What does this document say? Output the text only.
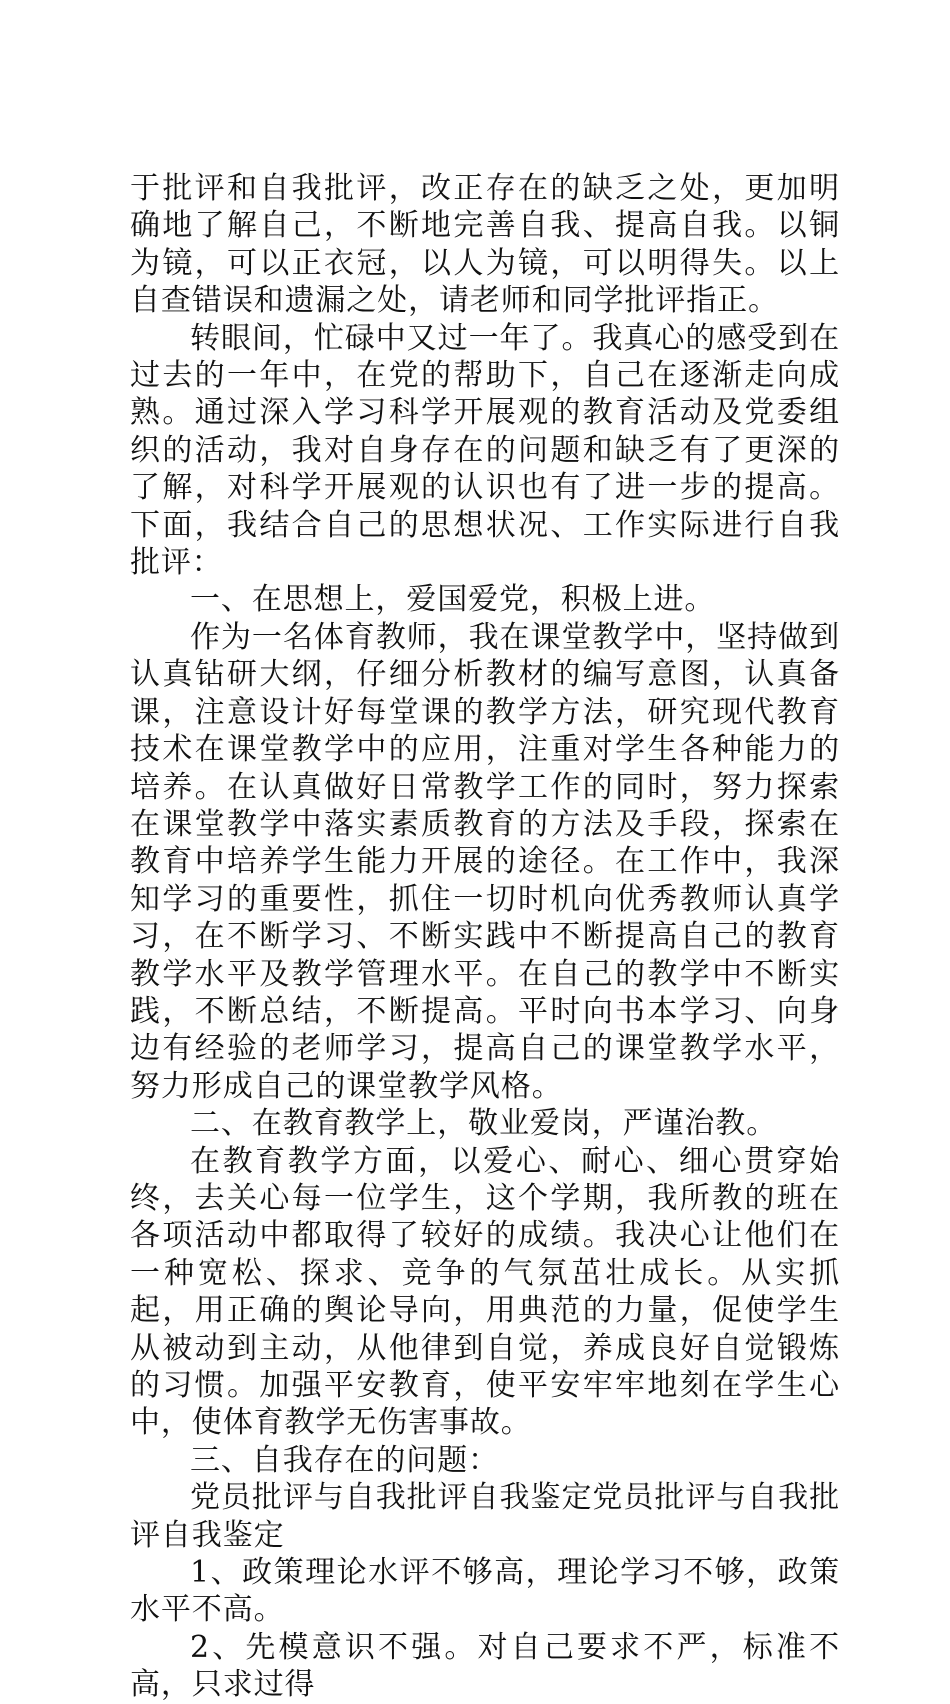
于批评和自我批评，改正存在的缺乏之处，更加明确地了解自己，不断地完善自我、提高自我。以铜为镜，可以正衣冠，以人为镜，可以明得失。以上自查错误和遗漏之处，请老师和同学批评指正。

转眼间，忙碌中又过一年了。我真心的感受到在过去的一年中，在党的帮助下，自己在逐渐走向成熟。通过深入学习科学开展观的教育活动及党委组织的活动，我对自身存在的问题和缺乏有了更深的了解，对科学开展观的认识也有了进一步的提高。下面，我结合自己的思想状况、工作实际进行自我批评：

一、在思想上，爱国爱党，积极上进。

作为一名体育教师，我在课堂教学中，坚持做到认真钻研大纲，仔细分析教材的编写意图，认真备课，注意设计好每堂课的教学方法，研究现代教育技术在课堂教学中的应用，注重对学生各种能力的培养。在认真做好日常教学工作的同时，努力探索在课堂教学中落实素质教育的方法及手段，探索在教育中培养学生能力开展的途径。在工作中，我深知学习的重要性，抓住一切时机向优秀教师认真学习，在不断学习、不断实践中不断提高自己的教育教学水平及教学管理水平。在自己的教学中不断实践，不断总结，不断提高。平时向书本学习、向身边有经验的老师学习，提高自己的课堂教学水平，努力形成自己的课堂教学风格。

二、在教育教学上，敬业爱岗，严谨治教。

在教育教学方面，以爱心、耐心、细心贯穿始终，去关心每一位学生，这个学期，我所教的班在各项活动中都取得了较好的成绩。我决心让他们在一种宽松、探求、竞争的气氛茁壮成长。从实抓起，用正确的舆论导向，用典范的力量，促使学生从被动到主动，从他律到自觉，养成良好自觉锻炼的习惯。加强平安教育，使平安牢牢地刻在学生心中，使体育教学无伤害事故。

三、自我存在的问题：

党员批评与自我批评自我鉴定党员批评与自我批评自我鉴定

1、政策理论水评不够高，理论学习不够，政策水平不高。

2、先模意识不强。对自己要求不严，标准不高，只求过得
